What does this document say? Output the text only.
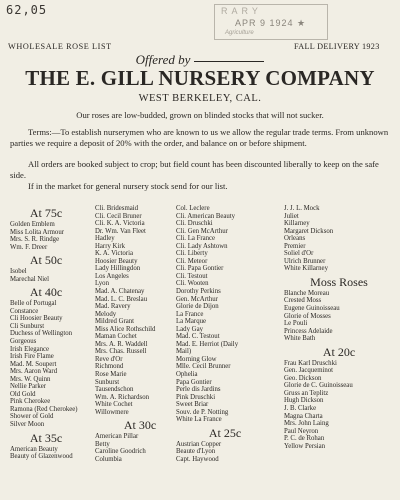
62,05	RARY
APR 9 1924 ★
Agriculture
WHOLESALE ROSE LIST	FALL DELIVERY 1923
Offered by
THE E. GILL NURSERY COMPANY
WEST BERKELEY, CAL.
Our roses are low-budded, grown on blinded stocks that will not sucker.
Terms:—To establish nurserymen who are known to us we allow the regular trade terms. From unknown parties we require a deposit of 20% with the order, and balance on or before shipment.
All orders are booked subject to crop; but field count has been discounted liberally to keep on the safe side.
If in the market for general nursery stock send for our list.
At 75c
Golden Emblem
Miss Lolita Armour
Mrs. S. R. Rindge
Wm. F. Dreer
At 50c
Isobel
Marechal Niel
At 40c
Belle of Portugal
Constance
Cli Hoosier Beauty
Cli Sunburst
Duchess of Wellington
Gorgeous
Irish Elegance
Irish Fire Flame
Mad. M. Soupert
Mrs. Aaron Ward
Mrs. W. Quinn
Nellie Parker
Old Gold
Pink Cherokee
Ramona (Red Cherokee)
Shower of Gold
Silver Moon
At 35c
American Beauty
Beauty of Glazenwood
Cli. Bridesmaid
Cli. Cecil Bruner
Cli. K. A. Victoria
Dr. Wm. Van Fleet
Hadley
Harry Kirk
K. A. Victoria
Hoosier Beauty
Lady Hillingdon
Los Angeles
Lyon
Mad. A. Chatenay
Mad. L. C. Breslau
Mad. Ravery
Melody
Mildred Grant
Miss Alice Rothschild
Maman Cochet
Mrs. A. R. Waddell
Mrs. Chas. Russell
Reve d'Or
Richmond
Rose Marie
Sunburst
Tausendschon
Wm. A. Richardson
White Cochet
Willowmere
At 30c
American Pillar
Betty
Caroline Goodrich
Columbia
Col. Leclere
Cli. American Beauty
Cli. Druschki
Cli. Gen McArthur
Cli. La France
Cli. Lady Ashtown
Cli. Liberty
Cli. Meteor
Cli. Papa Gontier
Cli. Testout
Cli. Wooten
Dorothy Perkins
Gen. McArthur
Glorie de Dijon
La France
La Marque
Lady Gay
Mad. C. Testout
Mad. E. Herriot (Daily
Mail)
Morning Glow
Mlle. Cecil Brunner
Ophelia
Papa Gontier
Perle dis Jardins
Pink Druschki
Sweet Briar
Souv. de P. Notting
White La France
At 25c
Austrian Copper
Beaute d'Lyon
Capt. Haywood
J. J. L. Mock
Juliet
Killarney
Margaret Dickson
Orleans
Premier
Soliel d'Or
Ulrich Brunner
White Killarney
Moss Roses
Blanche Moreau
Crested Moss
Eugene Guinoisseau
Glorie of Mosses
Le Pouli
Princess Adelaide
White Bath
At 20c
Frau Karl Druschki
Gen. Jacqueminot
Geo. Dickson
Glorie de C. Guinoisseau
Gruss an Teplitz
Hugh Dickson
J. B. Clarke
Magna Charta
Mrs. John Laing
Paul Neyron
P. C. de Rohan
Yellow Persian
